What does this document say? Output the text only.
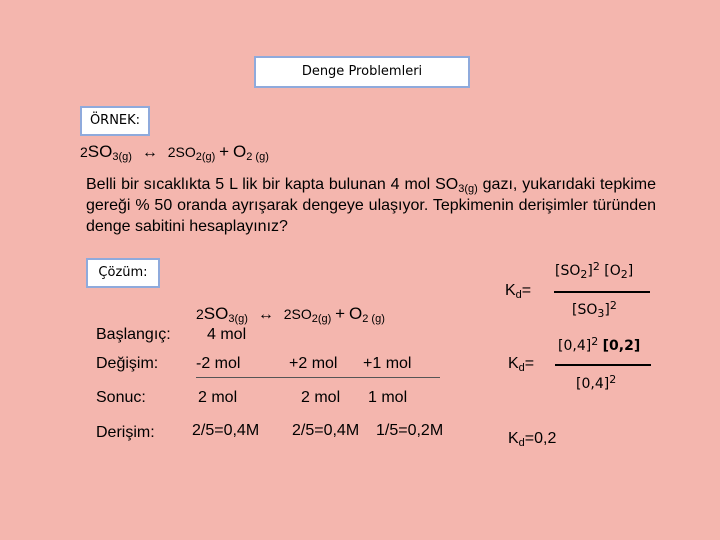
Denge Problemleri
ÖRNEK:
$2SO_{3(g)}$ ↔ $2SO_{2(g)} + O_{2 (g)}$
Belli bir sıcaklıkta 5 L lik bir kapta bulunan 4 mol $SO_{3(g)}$ gazı, yukarıdaki tepkime gereği % 50 oranda ayrışarak dengeye ulaşıyor. Tepkimenin derişimler türünden denge sabitini hesaplayınız?
Çözüm:
$2SO_{3(g)}$ ↔ $2SO_{2(g)} + O_{2 (g)}$
Başlangıç: 4 mol
Değişim: -2 mol	+2 mol +1 mol
Sonuc:	2 mol	2 mol 1 mol
Derişim: 2/5=0,4M 2/5=0,4M 1/5=0,2M
$K_d=$
$[SO_2]^2$ $[O_2]$
$[SO_3]^2$
$K_d=$
$[0,4]^2$ [0,2]
$[0,4]^2$
$K_d=0,2$
